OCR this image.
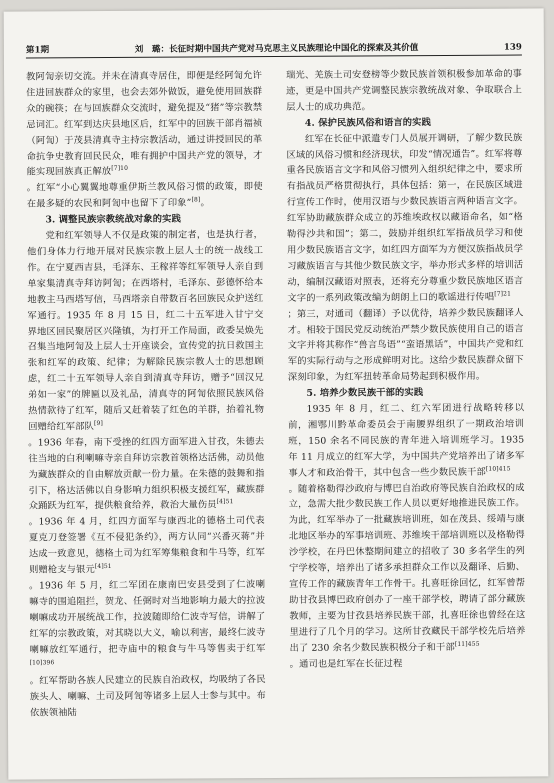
第1期	刘　璐：长征时期中国共产党对马克思主义民族理论中国化的探索及其价值	139

教阿訇亲切交流。并未在清真寺居住，即便是经阿訇允许住进回族群众的家里，也会去郊外做饭，避免使用回族群众的碗筷；在与回族群众交流时，避免提及“猪”等宗教禁忌词汇。红军到达庆县地区后，红军中的回族干部肖福祯（阿訇）于茂县清真寺主持宗教活动，通过讲授回民的革命抗争史教育回民民众，唯有拥护中国共产党的领导，才能实现回族真正解放$^{[7]10}$

。红军“小心翼翼地尊重伊斯兰教风俗习惯的政策，即使在最多疑的农民和阿訇中也留下了印象”[8]。

3. 调整民族宗教统战对象的实践

党和红军领导人不仅是政策的制定者，也是执行者，他们身体力行地开展对民族宗教上层人士的统一战线工作。在宁夏西吉县，毛泽东、王稼祥等红军领导人亲自到单家集清真寺拜访阿訇；在西塔村，毛泽东、彭德怀给本地教主马西塔写信，马西塔亲自带数百名回族民众护送红军通行。1935 年 8 月 15 日，红二十五军进入甘宁交界地区回民聚居区兴隆镇，为打开工作局面，政委吴焕先召集当地阿訇及上层人士开座谈会，宣传党的抗日救国主张和红军的政策、纪律；为解除民族宗教人士的思想顾虑，红二十五军领导人亲自到清真寺拜访，赠予“回汉兄弟如一家”的牌匾以及礼品，清真寺的阿訇依照民族风俗热情款待了红军，随后又赶着装了红色的羊群，抬着礼物回赠给红军部队[9]

。1936 年春，南下受挫的红四方面军进入甘孜，朱德去往当地的白利喇嘛寺亲自拜访宗教首领格达活佛，动员他为藏族群众的自由解放贡献一份力量。在朱德的鼓舞和指引下，格达活佛以自身影响力组织积极支援红军，藏族群众踊跃为红军，提供粮食给养，救治大量伤员$^{[4]51}$

。1936 年 4 月，红四方面军与康西北的德格土司代表夏克刀登签署《互不侵犯条约》，两方认同“兴番灭蒋”并达成一致意见，德格土司为红军筹集粮食和牛马等，红军则赠枪支与银元$^{[4]51}$

。1936 年 5 月，红二军团在康南巴安县受到了仁波喇嘛寺的围追阻拦，贺龙、任弼时对当地影响力最大的拉波喇嘛成功开展统战工作，拉波随即给仁波寺写信，讲解了红军的宗教政策，对其晓以大义，喻以利害，最终仁波寺喇嘛放红军通行，把寺庙中的粮食与牛马等售卖于红军$^{[10]396}$

。红军帮助各族人民建立的民族自治政权，均吸纳了各民族头人、喇嘛、土司及阿訇等诸多上层人士参与其中。布依族领袖陆

瑞光、羌族土司安登榜等少数民族首领积极参加革命的事迹，更是中国共产党调整民族宗教统战对象、争取联合上层人士的成功典范。

4. 保护民族风俗和语言的实践

红军在长征中派遣专门人员展开调研，了解少数民族区域的风俗习惯和经济现状，印发“情况通告”。红军将尊重各民族语言文字和风俗习惯列入组织纪律之中，要求所有指战员严格贯彻执行，具体包括：第一，在民族区域进行宣传工作时，使用汉语与少数民族语言两种语言文字。红军协助藏族群众成立的苏维埃政权以藏语命名，如“格勒得沙共和国”；第二，鼓励并组织红军指战员学习和使用少数民族语言文字，如红四方面军为方便汉族指战员学习藏族语言与其他少数民族文字，举办形式多样的培训活动，编制汉藏语对照表，还将充分尊重少数民族地区语言文字的一系列政策改编为朗朗上口的歌谣进行传唱$^{[7]21}$

；第三，对通司（翻译）予以优待，培养少数民族翻译人才。相较于国民党反动统治严禁少数民族使用自己的语言文字并将其称作“兽言鸟语”“蛮语黑话”，中国共产党和红军的实际行动与之形成鲜明对比。这给少数民族群众留下深刻印象，为红军扭转革命局势起到积极作用。

5. 培养少数民族干部的实践

1935 年 8 月，红二、红六军团进行战略转移以前，湘鄂川黔革命委员会于南腰界组织了一期政治培训班，150 余名不同民族的青年进入培训班学习。1935 年 11 月成立的红军大学，为中国共产党培养出了诸多军事人才和政治骨干，其中包含一些少数民族干部$^{[10]415}$

。随着格勒得沙政府与博巴自治政府等民族自治政权的成立，急需大批少数民族工作人员以更好地推进民族工作。为此，红军举办了一批藏族培训班，如在茂县、绥靖与康北地区举办的军事培训班、苏维埃干部培训班以及格勒得沙学校，在丹巴休整期间建立的招收了 30 多名学生的列宁学校等，培养出了诸多承担群众工作以及翻译、后勤、宣传工作的藏族青年工作骨干。扎喜旺徐回忆，红军曾帮助甘孜县博巴政府创办了一座干部学校，聘请了部分藏族教师，主要为甘孜县培养民族干部，扎喜旺徐也曾经在这里进行了几个月的学习。这所甘孜藏民干部学校先后培养出了 230 余名少数民族积极分子和干部$^{[11]455}$

。通司也是红军在长征过程
